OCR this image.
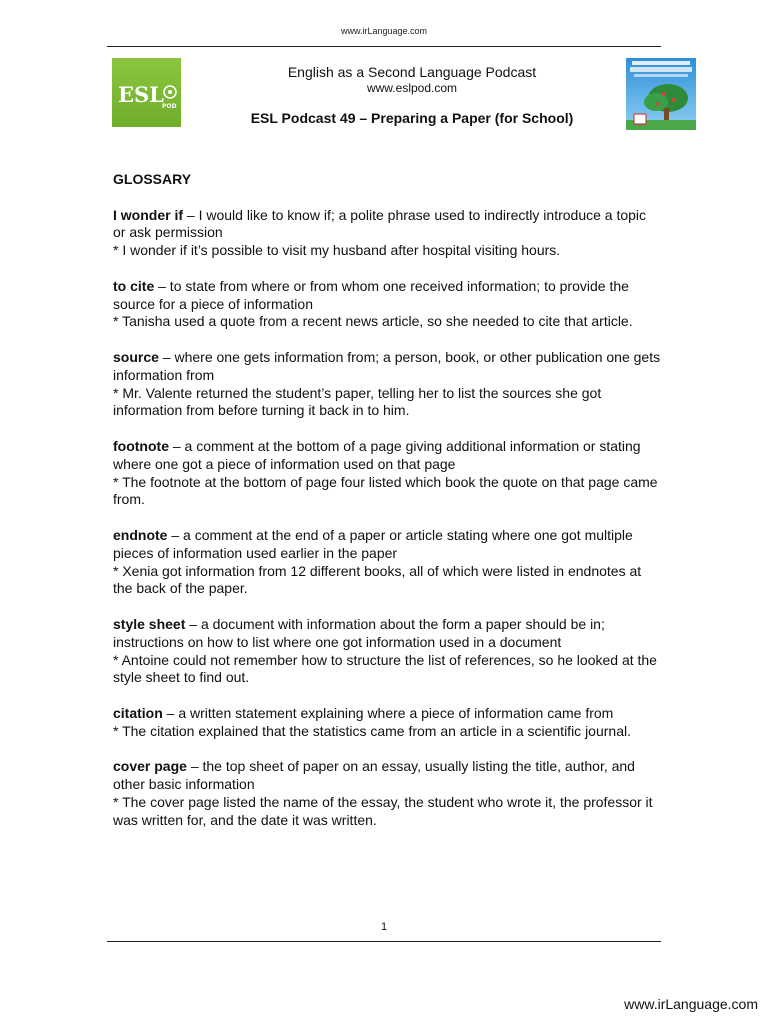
www.irLanguage.com
ESL
POD
English as a Second Language Podcast
www.eslpod.com
ESL Podcast 49 – Preparing a Paper (for School)
GLOSSARY
I wonder if – I would like to know if; a polite phrase used to indirectly introduce a topic or ask permission
* I wonder if it’s possible to visit my husband after hospital visiting hours.
to cite – to state from where or from whom one received information; to provide the source for a piece of information
* Tanisha used a quote from a recent news article, so she needed to cite that article.
source – where one gets information from; a person, book, or other publication one gets information from
* Mr. Valente returned the student’s paper, telling her to list the sources she got information from before turning it back in to him.
footnote – a comment at the bottom of a page giving additional information or stating where one got a piece of information used on that page
* The footnote at the bottom of page four listed which book the quote on that page came from.
endnote – a comment at the end of a paper or article stating where one got multiple pieces of information used earlier in the paper
* Xenia got information from 12 different books, all of which were listed in endnotes at the back of the paper.
style sheet – a document with information about the form a paper should be in; instructions on how to list where one got information used in a document
* Antoine could not remember how to structure the list of references, so he looked at the style sheet to find out.
citation – a written statement explaining where a piece of information came from
* The citation explained that the statistics came from an article in a scientific journal.
cover page – the top sheet of paper on an essay, usually listing the title, author, and other basic information
* The cover page listed the name of the essay, the student who wrote it, the professor it was written for, and the date it was written.
1
www.irLanguage.com
